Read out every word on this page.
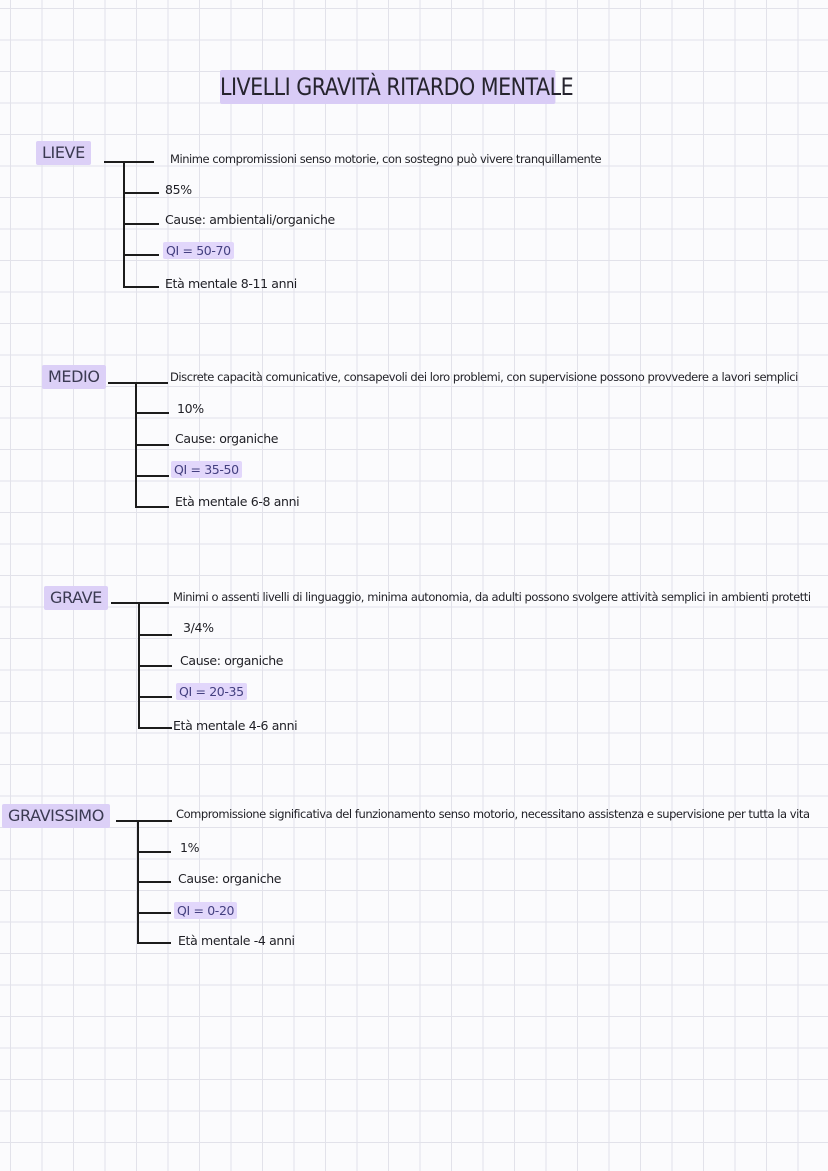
LIVELLI GRAVITÀ RITARDO MENTALE
LIEVE	Minime compromissioni senso motorie, con sostegno può vivere tranquillamente
85%
Cause: ambientali/organiche
QI = 50-70
Età mentale 8-11 anni
MEDIO	Discrete capacità comunicative, consapevoli dei loro problemi, con supervisione possono provvedere a lavori semplici
10%
Cause: organiche
QI = 35-50
Età mentale 6-8 anni
GRAVE	Minimi o assenti livelli di linguaggio, minima autonomia, da adulti possono svolgere attività semplici in ambienti protetti
3/4%
Cause: organiche
QI = 20-35
Età mentale 4-6 anni
GRAVISSIMO	Compromissione significativa del funzionamento senso motorio, necessitano assistenza e supervisione per tutta la vita
1%
Cause: organiche
QI = 0-20
Età mentale -4 anni
